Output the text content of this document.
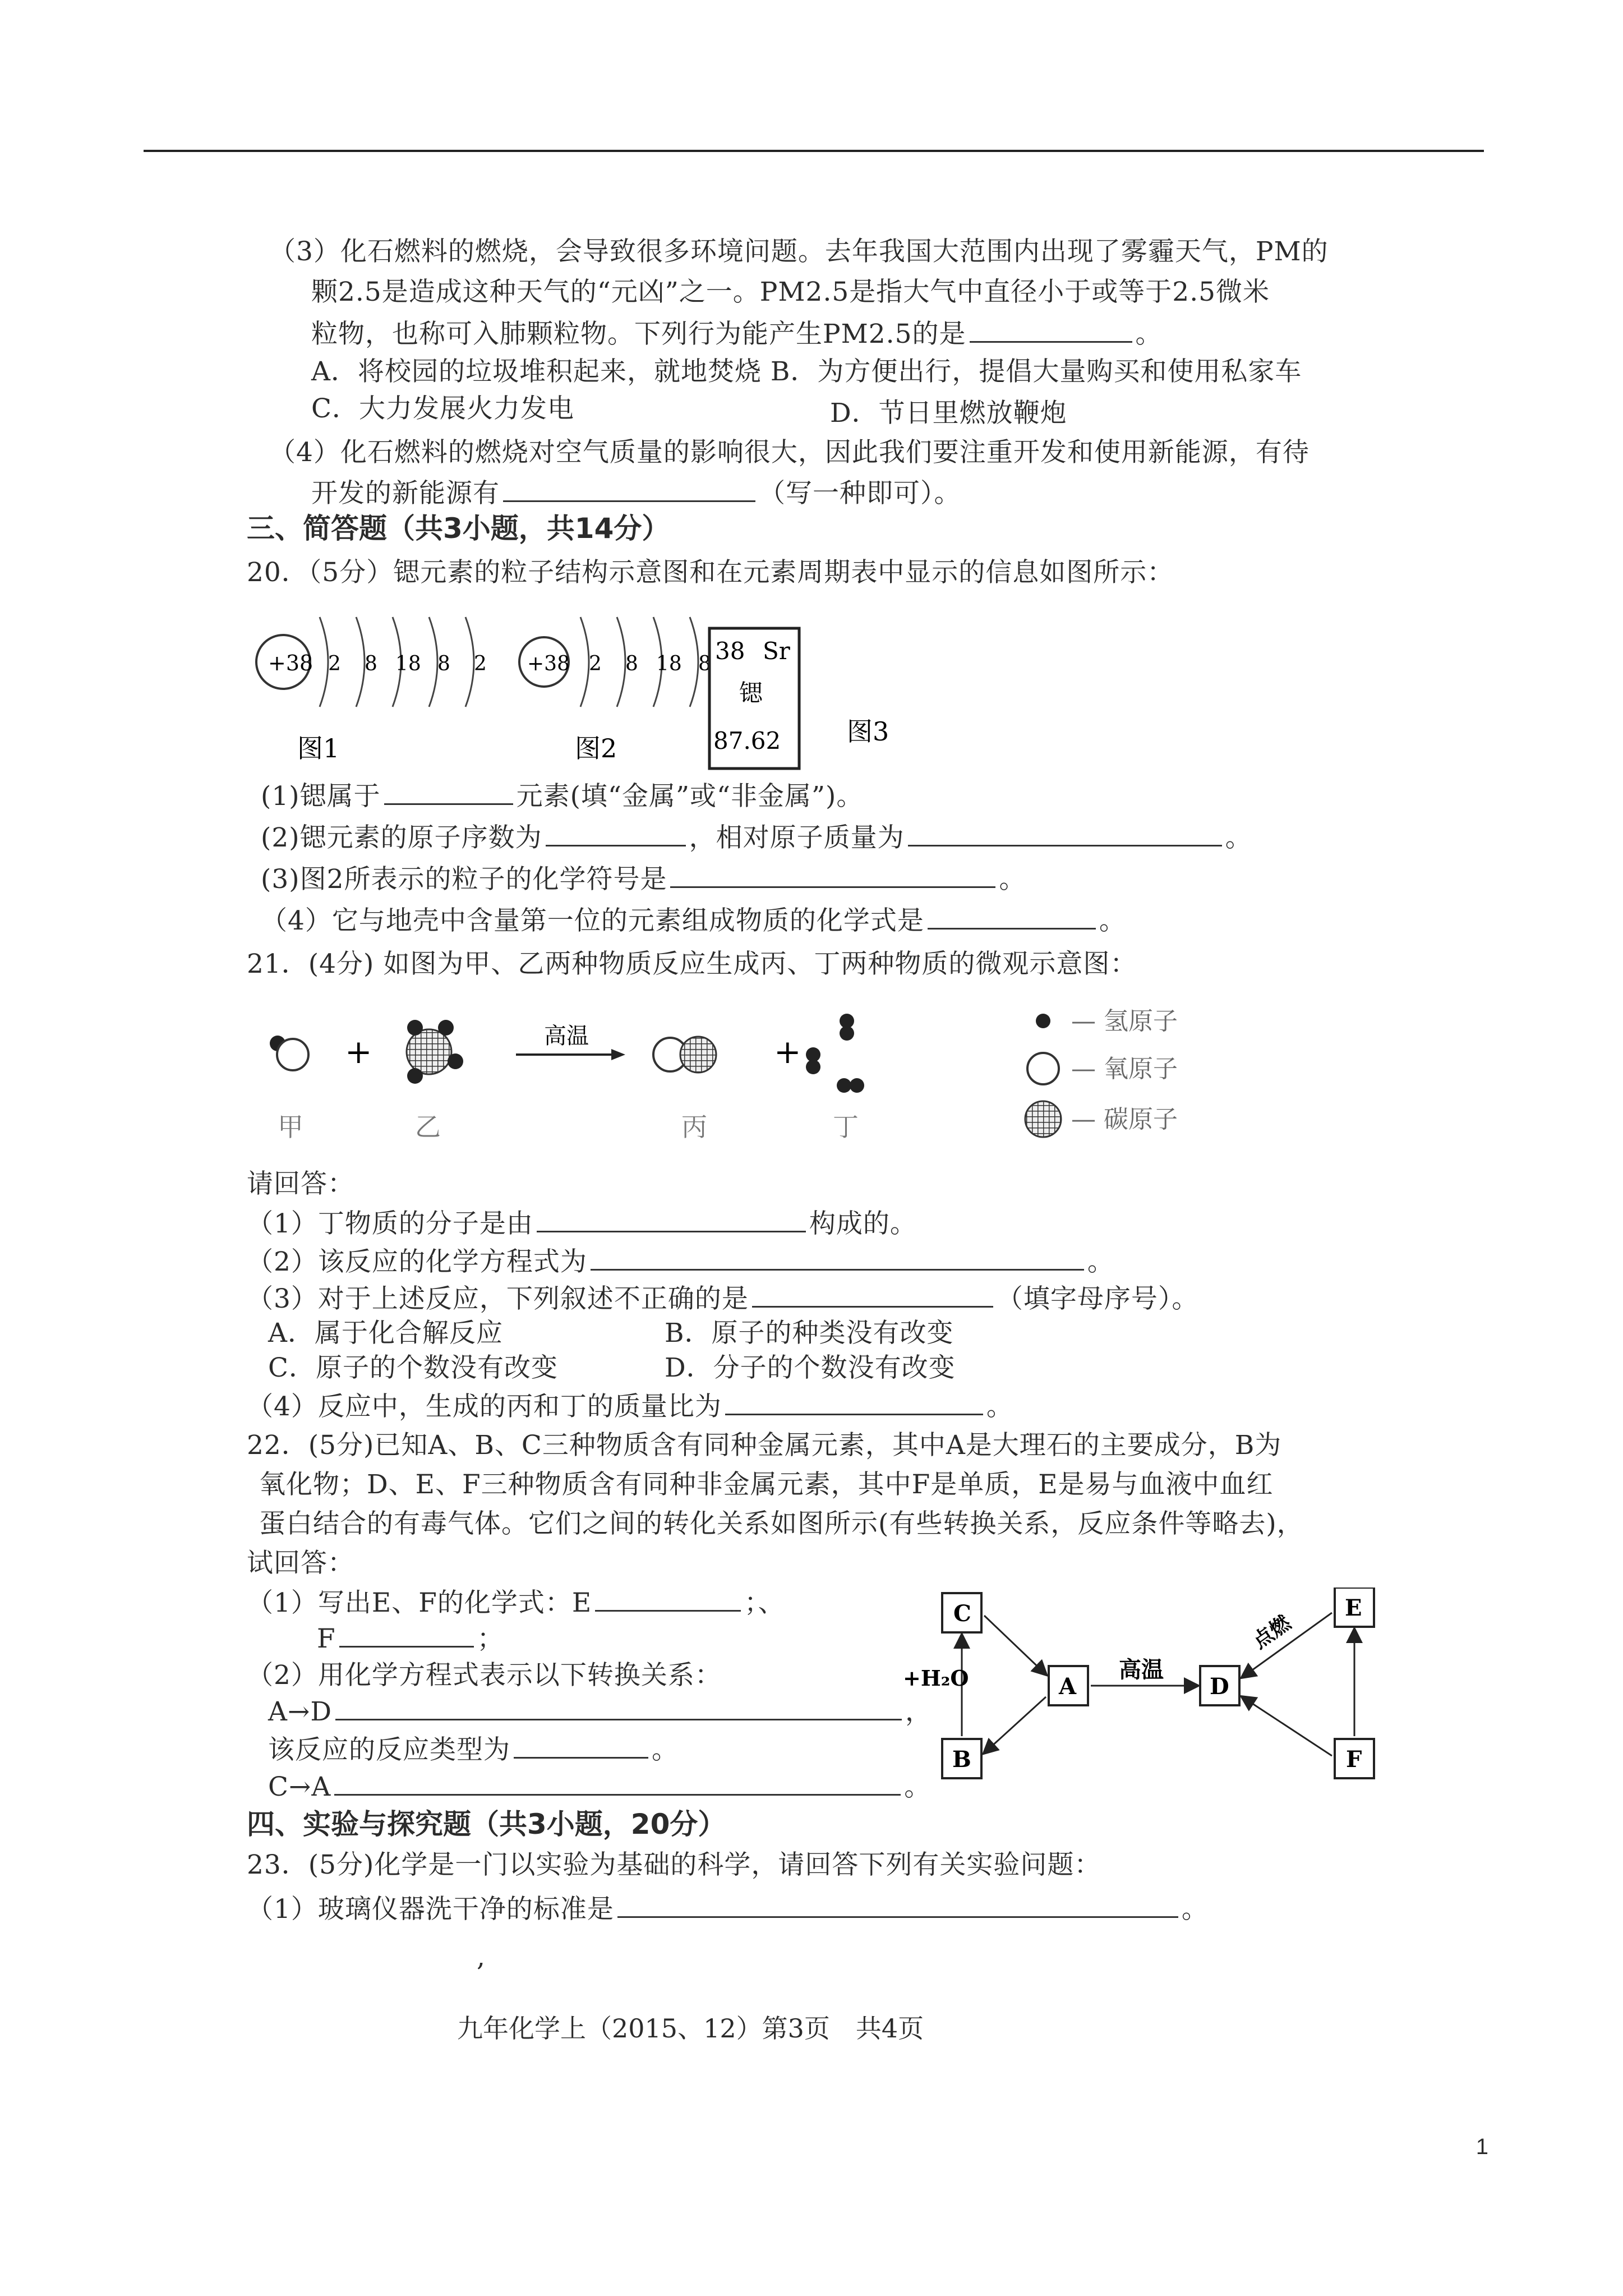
（3）化石燃料的燃烧，会导致很多环境问题。去年我国大范围内出现了雾霾天气，PM的
颗2.5是造成这种天气的“元凶”之一。PM2.5是指大气中直径小于或等于2.5微米
粒物，也称可入肺颗粒物。下列行为能产生PM2.5的是	。
A．将校园的垃圾堆积起来，就地焚烧 B．为方便出行，提倡大量购买和使用私家车
C．大力发展火力发电	D．节日里燃放鞭炮
（4）化石燃料的燃烧对空气质量的影响很大，因此我们要注重开发和使用新能源，有待
开发的新能源有	（写一种即可）。
三、简答题（共3小题，共14分）
20．（5分）锶元素的粒子结构示意图和在元素周期表中显示的信息如图所示：
+38 2 8 18 8 2 +38 2 8 18 8 38 Sr
锶
87.62
图1	图2
图3
(1)锶属于	元素(填“金属”或“非金属”)。
(2)锶元素的原子序数为	，相对原子质量为	。
(3)图2所表示的粒子的化学符号是	。
（4）它与地壳中含量第一位的元素组成物质的化学式是	。
21．(4分) 如图为甲、乙两种物质反应生成丙、丁两种物质的微观示意图：
+	高温	+
甲	乙	丙	丁
— 氢原子
— 氧原子
— 碳原子
请回答：
（1）丁物质的分子是由	构成的。
（2）该反应的化学方程式为	。
（3）对于上述反应，下列叙述不正确的是	（填字母序号）。
A．属于化合解反应	B．原子的种类没有改变
C．原子的个数没有改变	D．分子的个数没有改变
（4）反应中，生成的丙和丁的质量比为	。
22．(5分)已知A、B、C三种物质含有同种金属元素，其中A是大理石的主要成分，B为
氧化物；D、E、F三种物质含有同种非金属元素，其中F是单质，E是易与血液中血红
蛋白结合的有毒气体。它们之间的转化关系如图所示(有些转换关系，反应条件等略去)，
试回答：
（1）写出E、F的化学式：E	；、
F	；
（2）用化学方程式表示以下转换关系：
A→D	，
该反应的反应类型为	。
C→A	。
C
A
B
D
E
F
+H₂O	高温
点燃
四、实验与探究题（共3小题，20分）
23．(5分)化学是一门以实验为基础的科学，请回答下列有关实验问题：
（1）玻璃仪器洗干净的标准是	。
,
九年化学上（2015、12）第3页　共4页
1
